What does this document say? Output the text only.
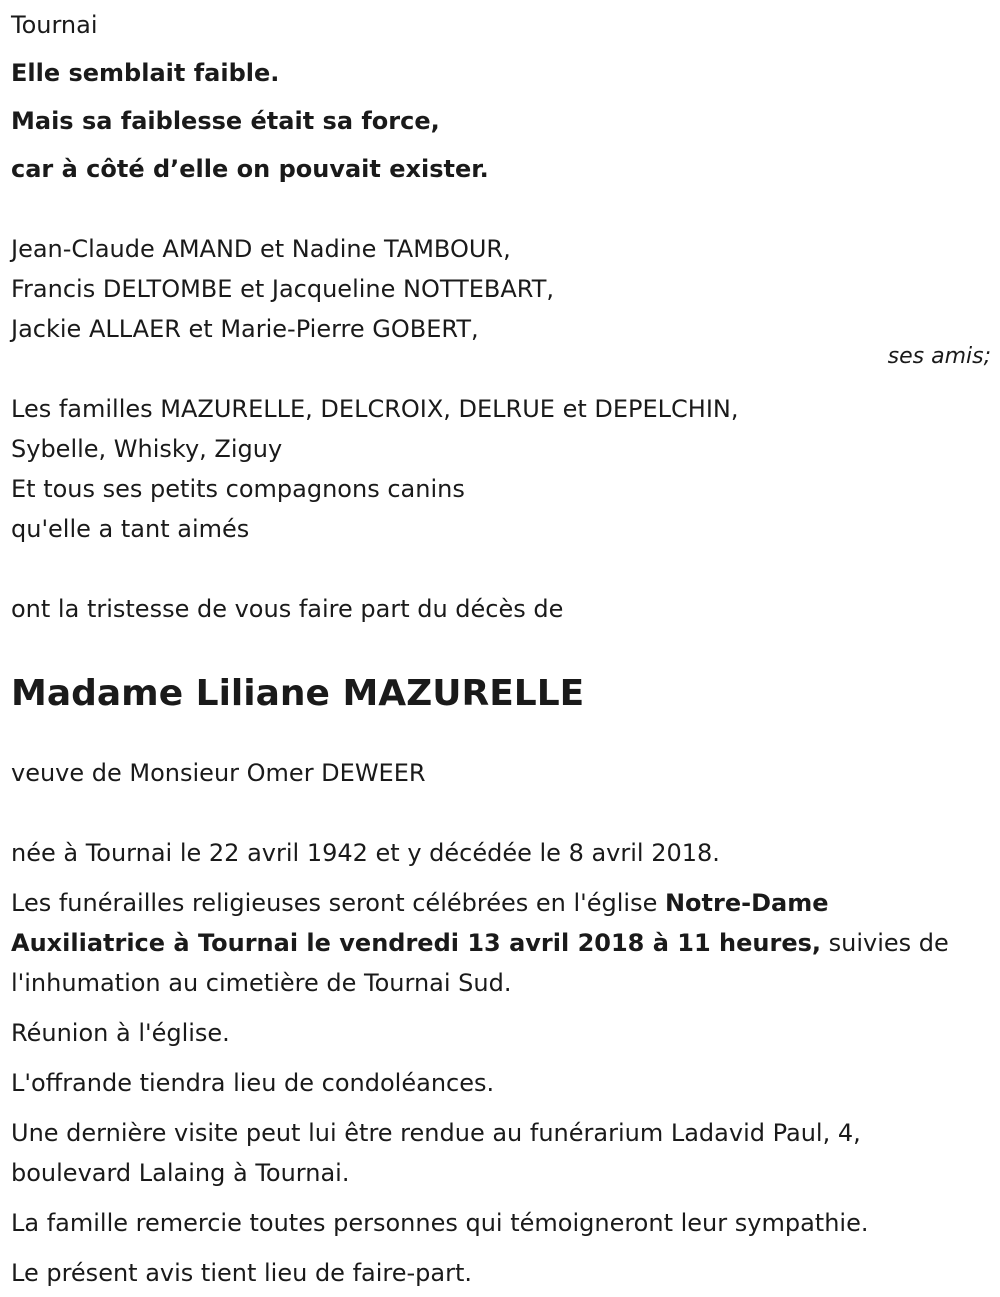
Tournai
Elle semblait faible.
Mais sa faiblesse était sa force,
car à côté d’elle on pouvait exister.
Jean-Claude AMAND et Nadine TAMBOUR,
Francis DELTOMBE et Jacqueline NOTTEBART,
Jackie ALLAER et Marie-Pierre GOBERT,
Les familles MAZURELLE, DELCROIX, DELRUE et DEPELCHIN,
Sybelle, Whisky, Ziguy
Et tous ses petits compagnons canins
qu'elle a tant aimés
ont la tristesse de vous faire part du décès de
Madame Liliane MAZURELLE
veuve de Monsieur Omer DEWEER
née à Tournai le 22 avril 1942 et y décédée le 8 avril 2018.
Les funérailles religieuses seront célébrées en l'église Notre-Dame Auxiliatrice à Tournai le vendredi 13 avril 2018 à 11 heures, suivies de l'inhumation au cimetière de Tournai Sud.
Réunion à l'église.
L'offrande tiendra lieu de condoléances.
Une dernière visite peut lui être rendue au funérarium Ladavid Paul, 4, boulevard Lalaing à Tournai.
La famille remercie toutes personnes qui témoigneront leur sympathie.
Le présent avis tient lieu de faire-part.
ses amis;
